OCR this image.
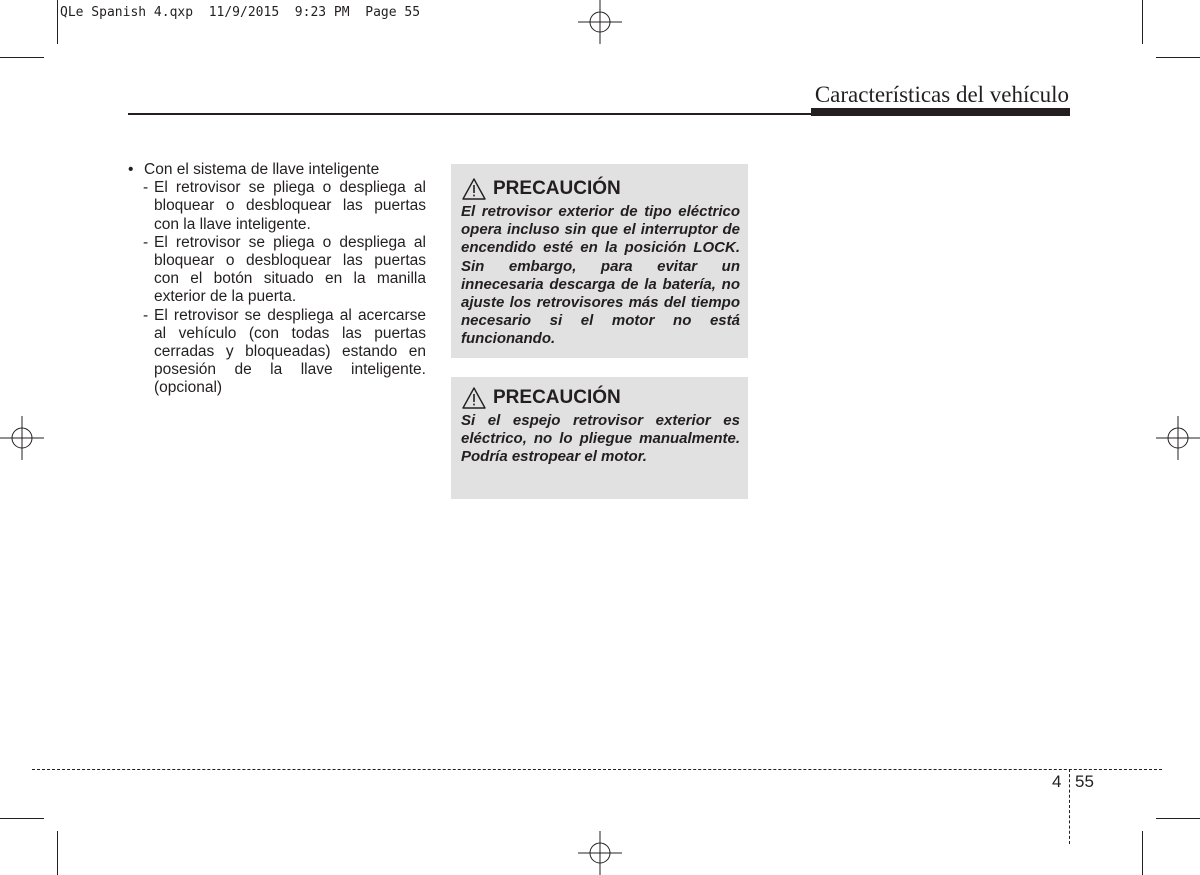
QLe Spanish 4.qxp  11/9/2015  9:23 PM  Page 55
Características del vehículo
• Con el sistema de llave inteligente
- El retrovisor se pliega o despliega al bloquear o desbloquear las puertas con la llave inteligente.
- El retrovisor se pliega o despliega al bloquear o desbloquear las puertas con el botón situado en la manilla exterior de la puerta.
- El retrovisor se despliega al acercarse al vehículo (con todas las puertas cerradas y bloqueadas) estando en posesión de la llave inteligente. (opcional)
PRECAUCIÓN
El retrovisor exterior de tipo eléctrico opera incluso sin que el interruptor de encendido esté en la posición LOCK. Sin embargo, para evitar un innecesaria descarga de la batería, no ajuste los retrovisores más del tiempo necesario si el motor no está funcionando.
PRECAUCIÓN
Si el espejo retrovisor exterior es eléctrico, no lo pliegue manualmente. Podría estropear el motor.
4 55
